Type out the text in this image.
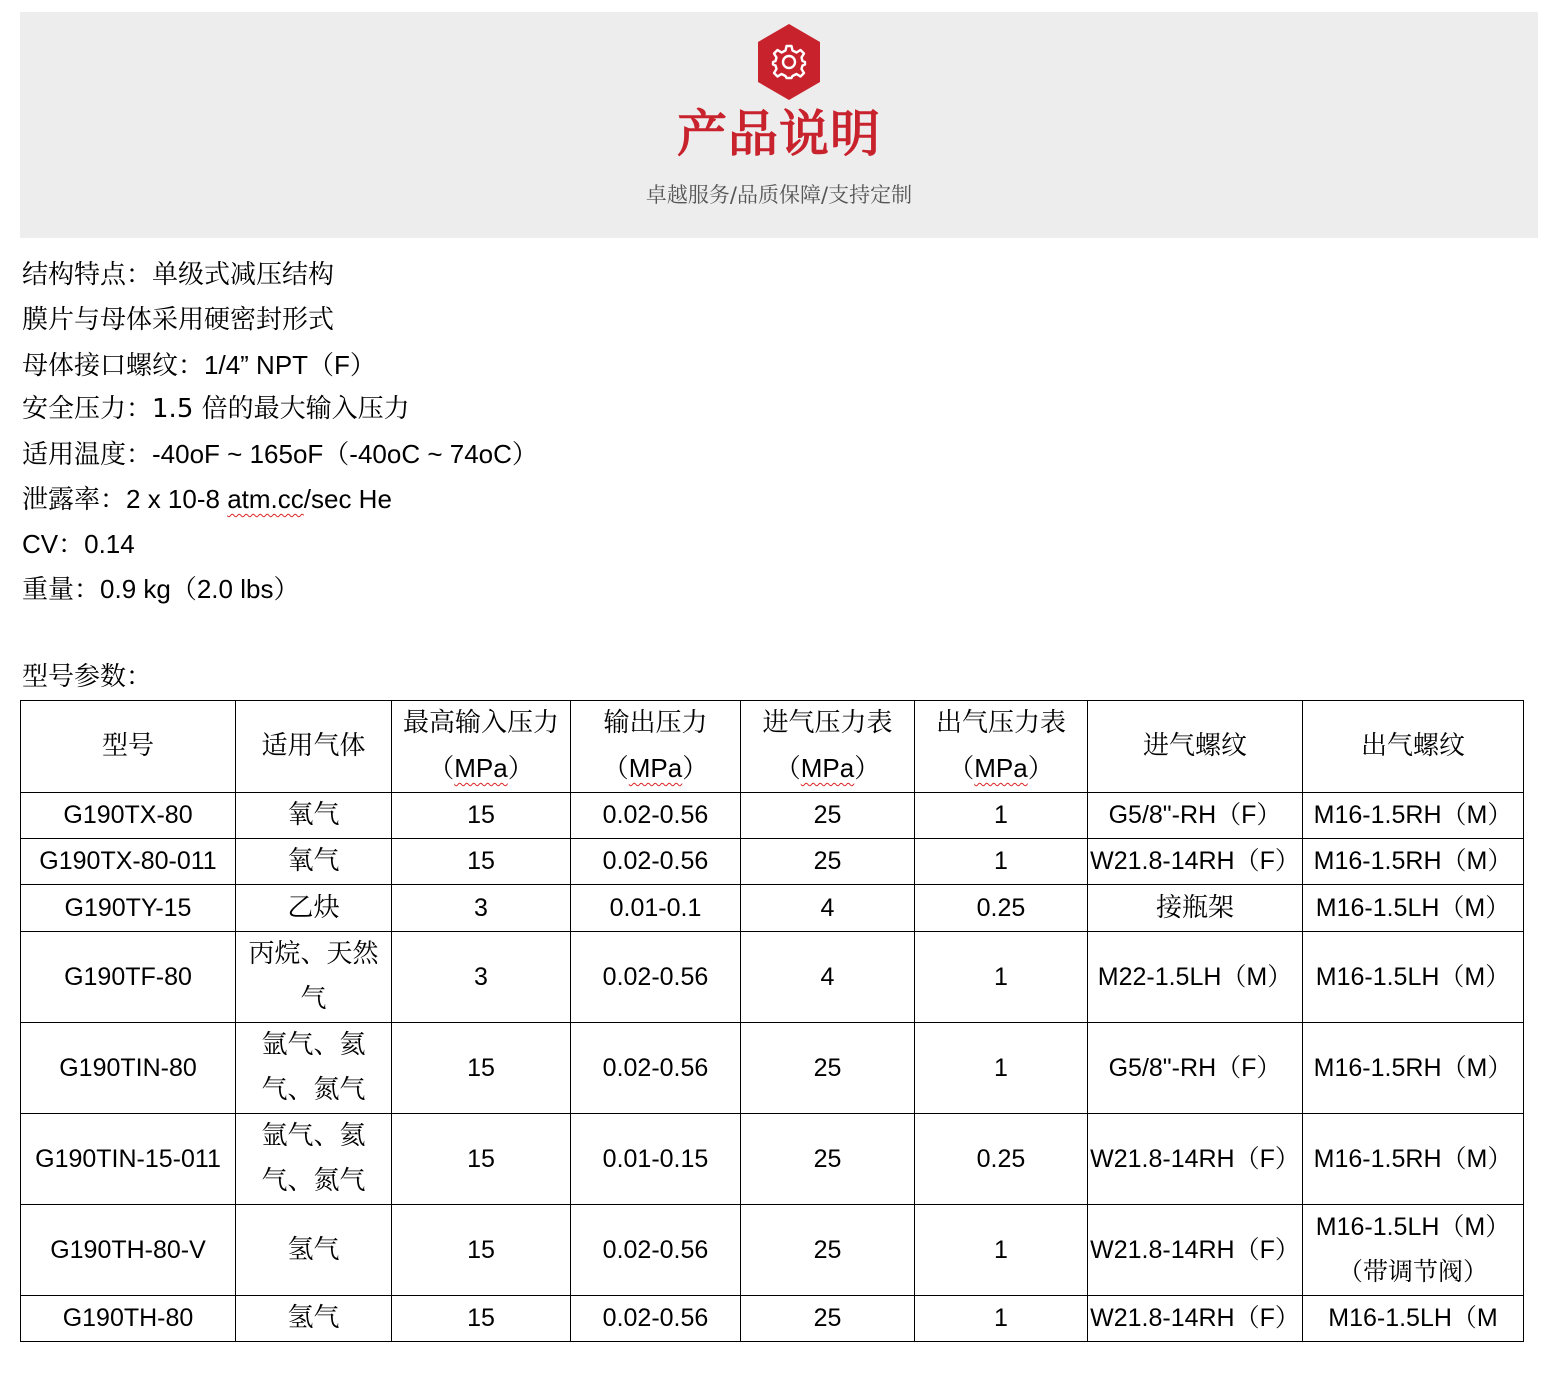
产品说明
卓越服务/品质保障/支持定制
结构特点：单级式减压结构
膜片与母体采用硬密封形式
母体接口螺纹：1/4” NPT（F）
安全压力：1.5 倍的最大输入压力
适用温度：-40oF ~ 165oF（-40oC ~ 74oC）
泄露率：2 x 10-8 atm.cc/sec He
CV：0.14
重量：0.9 kg（2.0 lbs）
型号参数：
型号	适用气体	最高输入压力（MPa）	输出压力（MPa）	进气压力表（MPa）	出气压力表（MPa）	进气螺纹	出气螺纹
G190TX-80	氧气	15	0.02-0.56	25	1	G5/8"-RH（F）	M16-1.5RH（M）
G190TX-80-011	氧气	15	0.02-0.56	25	1	W21.8-14RH（F）	M16-1.5RH（M）
G190TY-15	乙炔	3	0.01-0.1	4	0.25	接瓶架	M16-1.5LH（M）
G190TF-80	丙烷、天然气	3	0.02-0.56	4	1	M22-1.5LH（M）	M16-1.5LH（M）
G190TIN-80	氩气、氦气、氮气	15	0.02-0.56	25	1	G5/8"-RH（F）	M16-1.5RH（M）
G190TIN-15-011	氩气、氦气、氮气	15	0.01-0.15	25	0.25	W21.8-14RH（F）	M16-1.5RH（M）
G190TH-80-V	氢气	15	0.02-0.56	25	1	W21.8-14RH（F）	M16-1.5LH（M）（带调节阀）
G190TH-80	氢气	15	0.02-0.56	25	1	W21.8-14RH（F）	M16-1.5LH（M
